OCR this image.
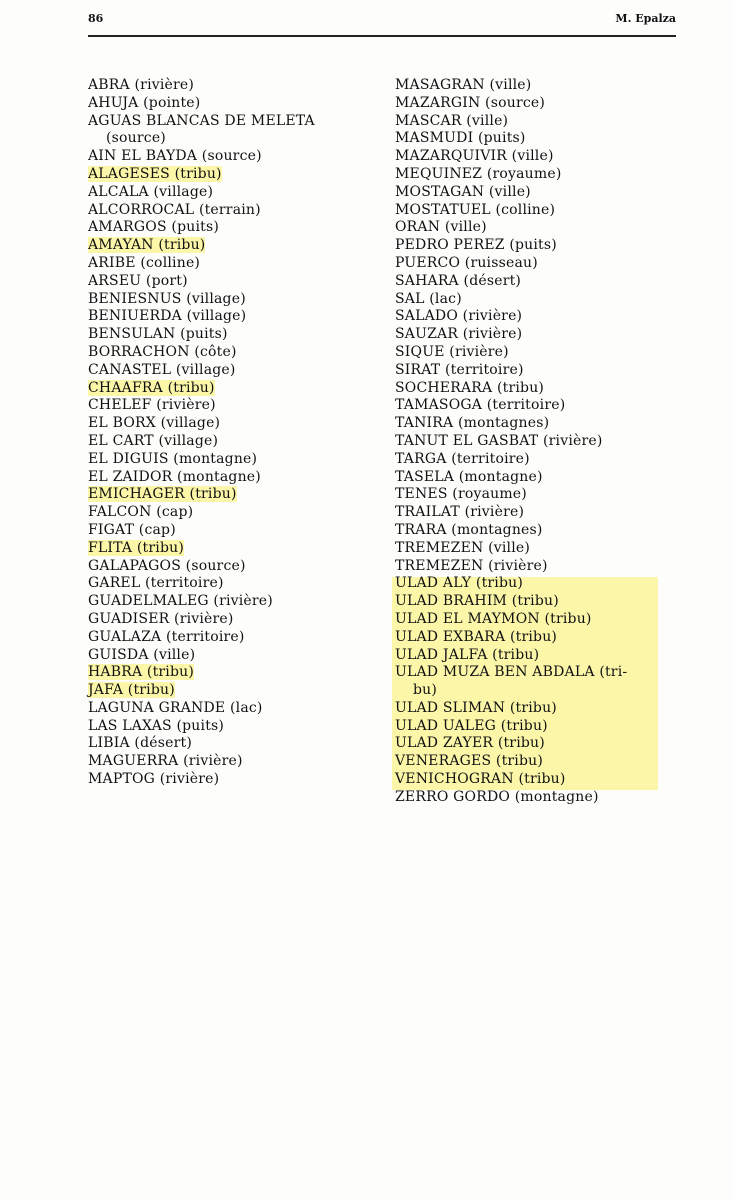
86	M. Epalza
ABRA (rivière)
AHUJA (pointe)
AGUAS BLANCAS DE MELETA
(source)
AIN EL BAYDA (source)
ALAGESES (tribu)
ALCALA (village)
ALCORROCAL (terrain)
AMARGOS (puits)
AMAYAN (tribu)
ARIBE (colline)
ARSEU (port)
BENIESNUS (village)
BENIUERDA (village)
BENSULAN (puits)
BORRACHON (côte)
CANASTEL (village)
CHAAFRA (tribu)
CHELEF (rivière)
EL BORX (village)
EL CART (village)
EL DIGUIS (montagne)
EL ZAIDOR (montagne)
EMICHAGER (tribu)
FALCON (cap)
FIGAT (cap)
FLITA (tribu)
GALAPAGOS (source)
GAREL (territoire)
GUADELMALEG (rivière)
GUADISER (rivière)
GUALAZA (territoire)
GUISDA (ville)
HABRA (tribu)
JAFA (tribu)
LAGUNA GRANDE (lac)
LAS LAXAS (puits)
LIBIA (désert)
MAGUERRA (rivière)
MAPTOG (rivière)
MASAGRAN (ville)
MAZARGIN (source)
MASCAR (ville)
MASMUDI (puits)
MAZARQUIVIR (ville)
MEQUINEZ (royaume)
MOSTAGAN (ville)
MOSTATUEL (colline)
ORAN (ville)
PEDRO PEREZ (puits)
PUERCO (ruisseau)
SAHARA (désert)
SAL (lac)
SALADO (rivière)
SAUZAR (rivière)
SIQUE (rivière)
SIRAT (territoire)
SOCHERARA (tribu)
TAMASOGA (territoire)
TANIRA (montagnes)
TANUT EL GASBAT (rivière)
TARGA (territoire)
TASELA (montagne)
TENES (royaume)
TRAILAT (rivière)
TRARA (montagnes)
TREMEZEN (ville)
TREMEZEN (rivière)
ULAD ALY (tribu)
ULAD BRAHIM (tribu)
ULAD EL MAYMON (tribu)
ULAD EXBARA (tribu)
ULAD JALFA (tribu)
ULAD MUZA BEN ABDALA (tri-
bu)
ULAD SLIMAN (tribu)
ULAD UALEG (tribu)
ULAD ZAYER (tribu)
VENERAGES (tribu)
VENICHOGRAN (tribu)
ZERRO GORDO (montagne)
